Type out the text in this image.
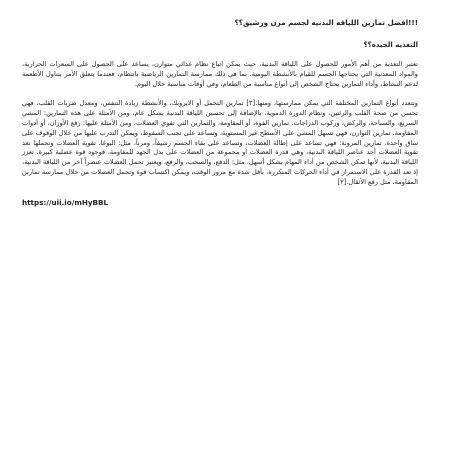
!!!افضل تمارين اللياقه البدنيه لجسم مرن ورشيق؟؟
التغذيه الجيده؟؟

تعتبر التغذية من أهم الأمور للحصول على اللياقة البدنية، حيث يمكن اتباع نظام غذائي متوازن، يساعد على الحصول على السعرات الحرارية، والمواد المعدنية التي يحتاجها الجسم للقيام بالأنشطة اليومية، بما في ذلك ممارسة التمارين الرياضية بانتظام، فعندما يتعلق الأمر بتناول الأطعمة لدعم النشاط، وأداء التمارين يحتاج الشخص إلى أنواع مناسبة من الطعام، وفي أوقات مناسبة خلال اليوم.

وتتعدد أنواع التمارين المختلفة التي يمكن ممارستها، ومنها:[٣] تمارين التحمل أو الايروبك، والأنشطة زيادة التنفس، ومعدل ضربات القلب، فهي تحسن من صحة القلب والرئتين، ونظام الدورة الدموية، بالإضافة إلى تحسين اللياقة البدنية بشكل عام، ومن الأمثلة على هذه التمارين: المشي السريع، والسباحة، والركض، وركوب الدراجات. تمارين القوة، أو المقاومة، والتمارين التي تقوي العضلات، ومن الأمثلة عليها: رفع الأوزان، أو أدوات المقاومة. تمارين التوازن، فهي تسهل المشي على الأسطح غير المستوية، وتساعد على تجنب السقوط، ويمكن التدرب عليها من خلال الوقوف على ساق واحدة. تمارين المرونة: فهي تساعد على إطالة العضلات، وتساعد على بقاء الجسم رشيقاً، ومرناً، مثل: اليوغا. تقوية العضلات وتحملها تعد تقوية العضلات أحد عناصر اللياقة البدنية، وهي قدرة العضلات أو مجموعة من العضلات على بذل الجهد للمقاومة، فوجود قوة عضلية كبيرة، تعزز اللياقة البدنية، لأنها تمكن الشخص من أداء المهام بشكل أسهل، مثل: الدفع، والسحب، والرفع، ويعتبر تحمل العضلات عنصراً آخر من اللياقة البدنية، إذ تعد القدرة على الاستمرار في أداء الحركات المتكررة، بأقل شدة مع مرور الوقت، ويمكن اكتساب قوة وتحمل العضلات من خلال ممارسة تمارين المقاومة، مثل رفع الأثقال.[٢]

https://uii.io/mHyBBL
